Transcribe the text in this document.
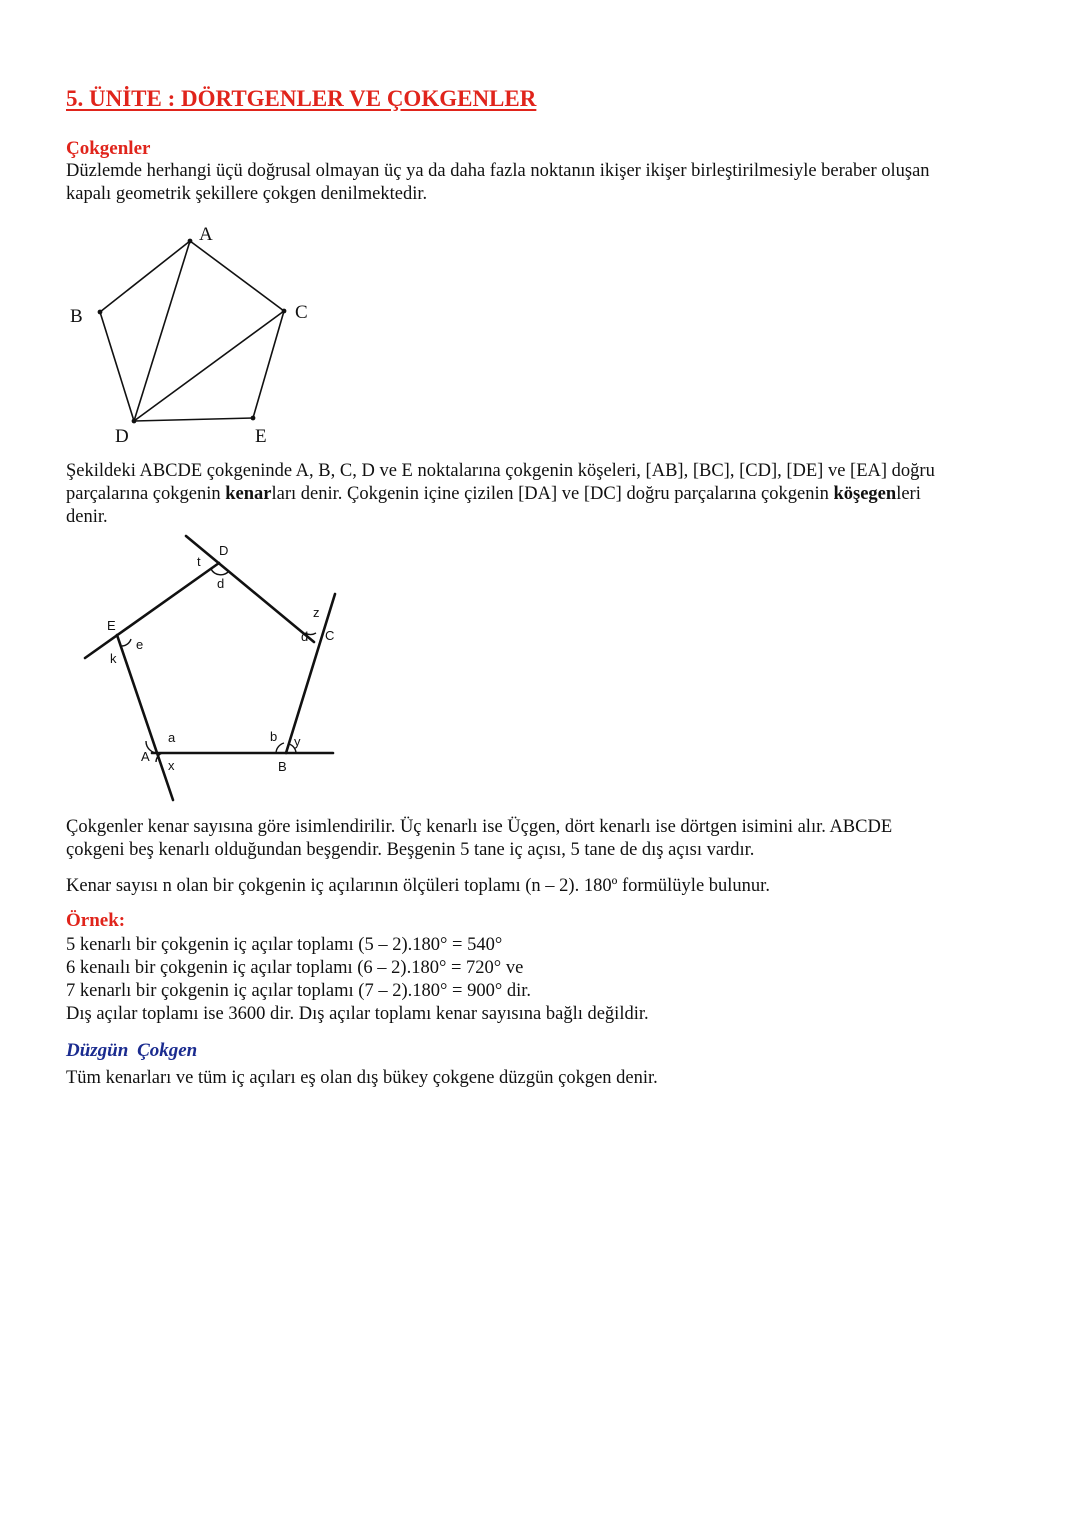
5. ÜNİTE : DÖRTGENLER VE ÇOKGENLER
Çokgenler
Düzlemde herhangi üçü doğrusal olmayan üç ya da daha fazla noktanın ikişer ikişer birleştirilmesiyle beraber oluşan
kapalı geometrik şekillere çokgen denilmektedir.
A
B	C
D	E
Şekildeki ABCDE çokgeninde A, B, C, D ve E noktalarına çokgenin köşeleri, [AB], [BC], [CD], [DE] ve [EA] doğru
parçalarına çokgenin kenarları denir. Çokgenin içine çizilen [DA] ve [DC] doğru parçalarına çokgenin köşegenleri
denir.
A
B
C
D
E
a
x
b y
d
d
t
z
e
k
Çokgenler kenar sayısına göre isimlendirilir. Üç kenarlı ise Üçgen, dört kenarlı ise dörtgen isimini alır. ABCDE
çokgeni beş kenarlı olduğundan beşgendir. Beşgenin 5 tane iç açısı, 5 tane de dış açısı vardır.
Kenar sayısı n olan bir çokgenin iç açılarının ölçüleri toplamı (n – 2). 180º formülüyle bulunur.
Örnek:
5 kenarlı bir çokgenin iç açılar toplamı (5 – 2).180° = 540°
6 kenaılı bir çokgenin iç açılar toplamı (6 – 2).180° = 720° ve
7 kenarlı bir çokgenin iç açılar toplamı (7 – 2).180° = 900° dir.
Dış açılar toplamı ise 3600 dir. Dış açılar toplamı kenar sayısına bağlı değildir.
Düzgün Çokgen
Tüm kenarları ve tüm iç açıları eş olan dış bükey çokgene düzgün çokgen denir.
